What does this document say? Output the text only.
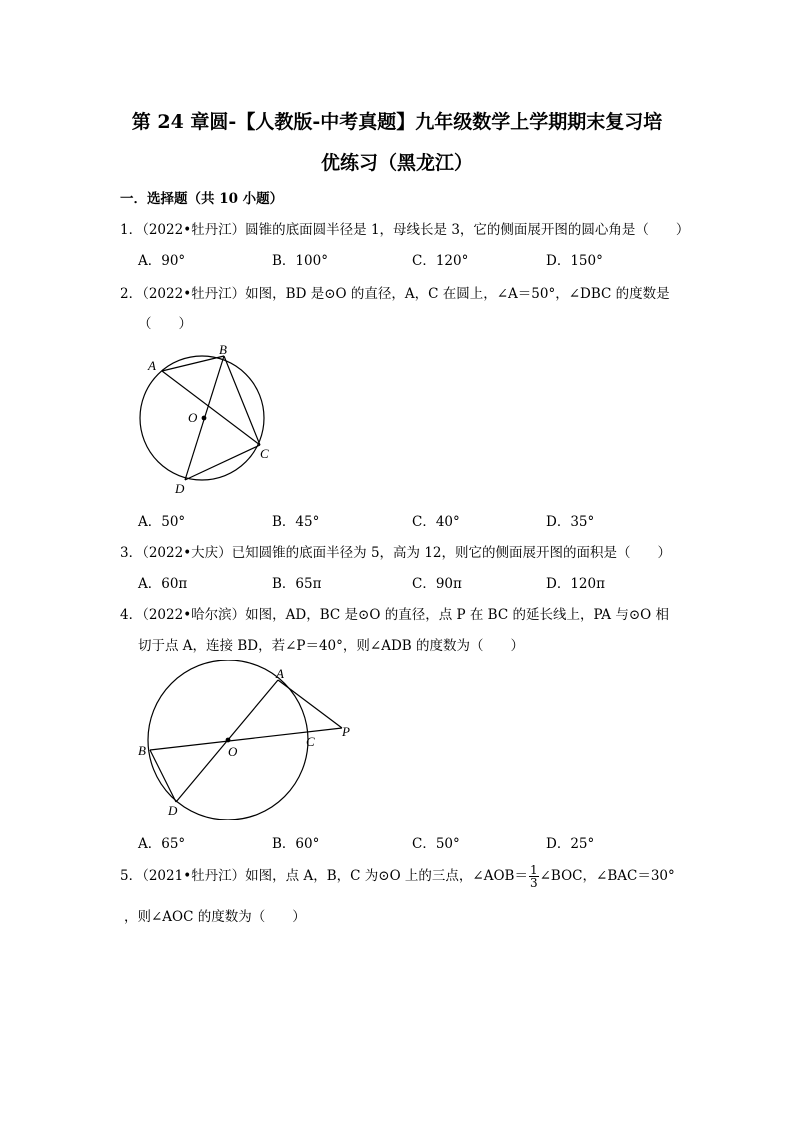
第 24 章圆-【人教版-中考真题】九年级数学上学期期末复习培
优练习（黑龙江）
一．选择题（共 10 小题）
1．（2022•牡丹江）圆锥的底面圆半径是 1，母线长是 3，它的侧面展开图的圆心角是（　　）
A．90°	B．100°	C．120°	D．150°
2．（2022•牡丹江）如图，BD 是⊙O 的直径，A，C 在圆上，∠A＝50°，∠DBC 的度数是
（　　）
A
B
C
D
O
A．50°	B．45°	C．40°	D．35°
3．（2022•大庆）已知圆锥的底面半径为 5，高为 12，则它的侧面展开图的面积是（　　）
A．60π	B．65π	C．90π	D．120π
4．（2022•哈尔滨）如图，AD，BC 是⊙O 的直径，点 P 在 BC 的延长线上，PA 与⊙O 相
切于点 A，连接 BD，若∠P＝40°，则∠ADB 的度数为（　　）
A
B
C
D
O
P
A．65°	B．60°	C．50°	D．25°
5．（2021•牡丹江）如图，点 A，B，C 为⊙O 上的三点，∠AOB＝ $\frac{1}{3}$ ∠BOC，∠BAC＝30°
，则∠AOC 的度数为（　　）
